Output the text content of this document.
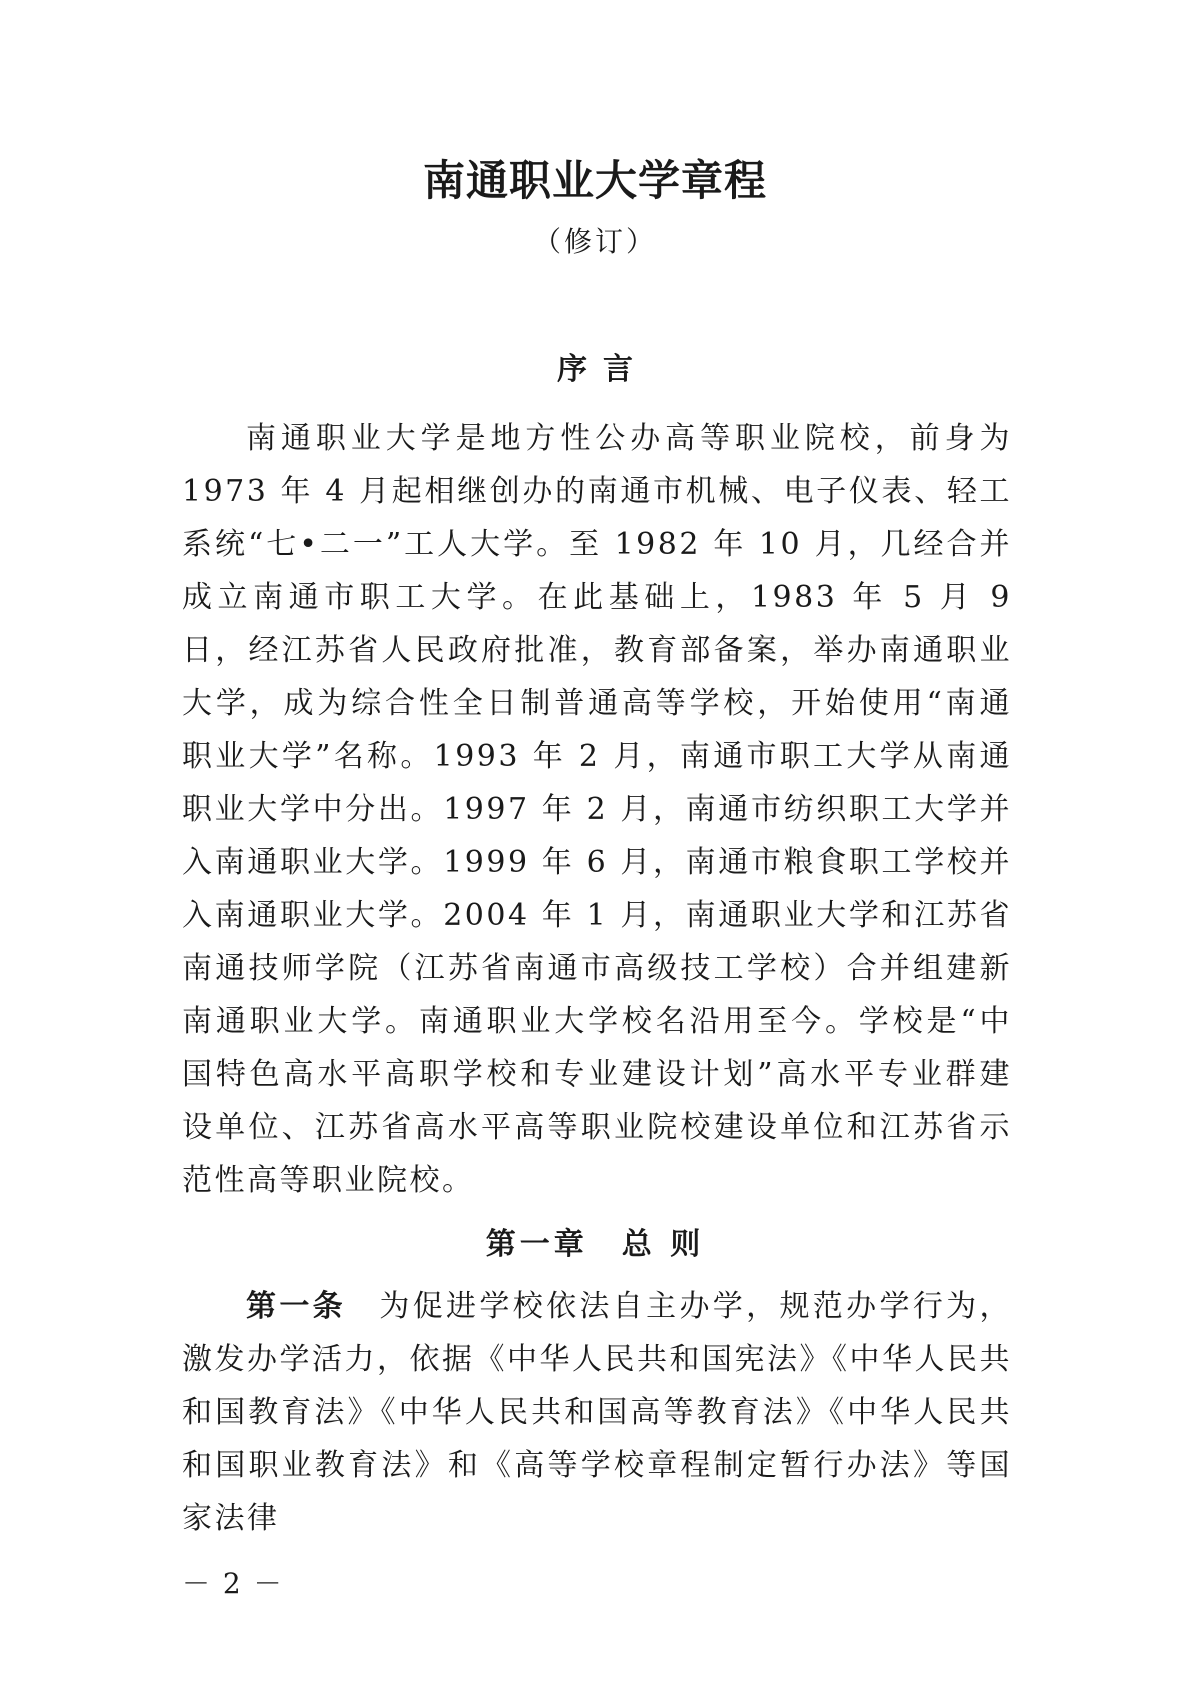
南通职业大学章程

（修订）

序言

南通职业大学是地方性公办高等职业院校，前身为 1973 年 4 月起相继创办的南通市机械、电子仪表、轻工系统“七•二一”工人大学。至 1982 年 10 月，几经合并成立南通市职工大学。在此基础上，1983 年 5 月 9 日，经江苏省人民政府批准，教育部备案，举办南通职业大学，成为综合性全日制普通高等学校，开始使用“南通职业大学”名称。1993 年 2 月，南通市职工大学从南通职业大学中分出。1997 年 2 月，南通市纺织职工大学并入南通职业大学。1999 年 6 月，南通市粮食职工学校并入南通职业大学。2004 年 1 月，南通职业大学和江苏省南通技师学院（江苏省南通市高级技工学校）合并组建新南通职业大学。南通职业大学校名沿用至今。学校是“中国特色高水平高职学校和专业建设计划”高水平专业群建设单位、江苏省高水平高等职业院校建设单位和江苏省示范性高等职业院校。

第一章　总 则

第一条　 为促进学校依法自主办学，规范办学行为，激发办学活力，依据《中华人民共和国宪法》《中华人民共和国教育法》《中华人民共和国高等教育法》《中华人民共和国职业教育法》和《高等学校章程制定暂行办法》等国家法律

－ 2 －
